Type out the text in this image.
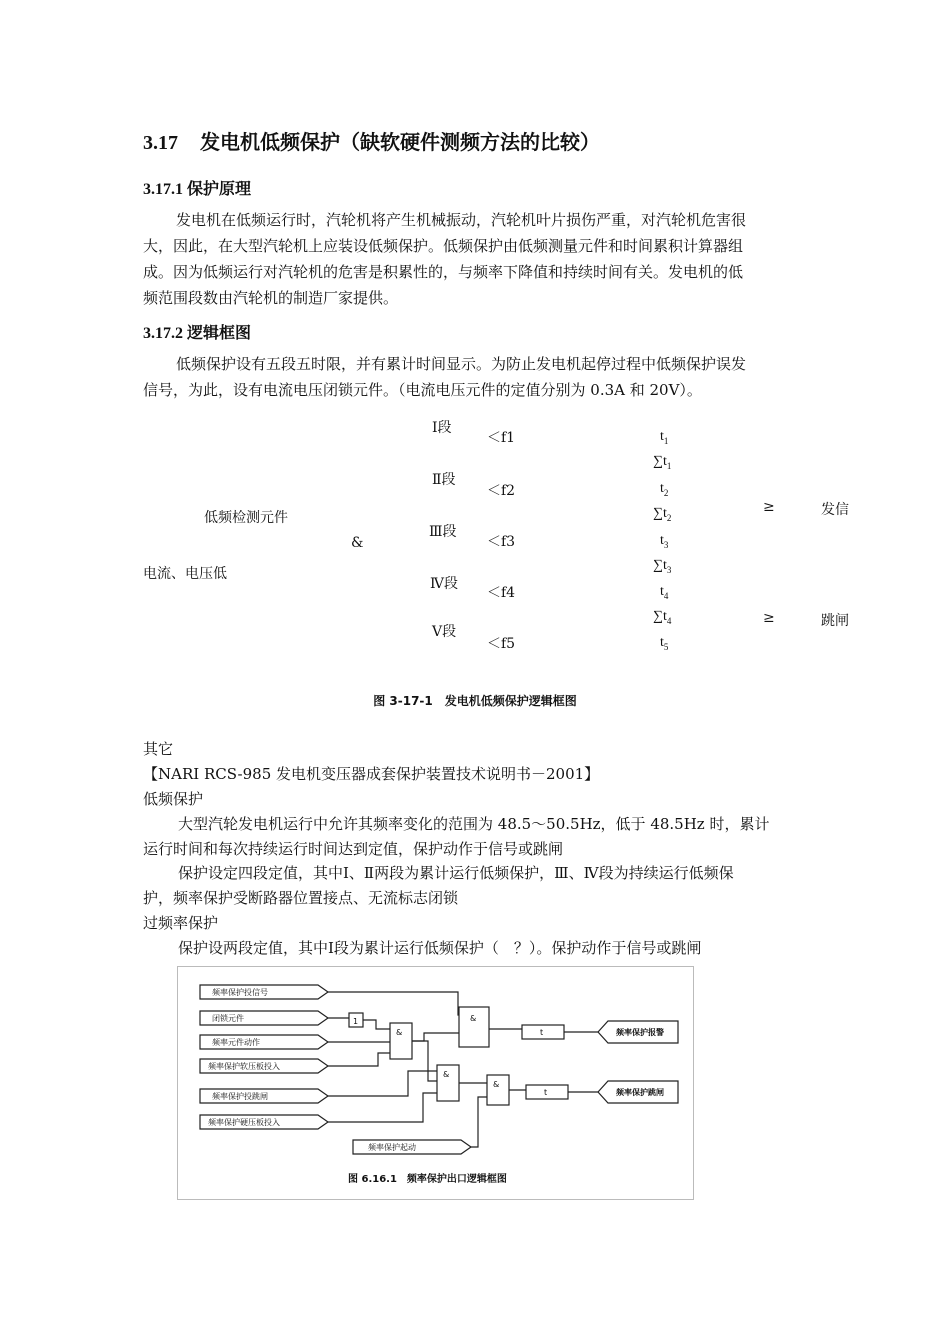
3.17 发电机低频保护（缺软硬件测频方法的比较）
3.17.1 保护原理
发电机在低频运行时，汽轮机将产生机械振动，汽轮机叶片损伤严重，对汽轮机危害很
大，因此，在大型汽轮机上应装设低频保护。低频保护由低频测量元件和时间累积计算器组
成。因为低频运行对汽轮机的危害是积累性的，与频率下降值和持续时间有关。发电机的低
频范围段数由汽轮机的制造厂家提供。
3.17.2 逻辑框图
低频保护设有五段五时限，并有累计时间显示。为防止发电机起停过程中低频保护误发
信号，为此，设有电流电压闭锁元件。（电流电压元件的定值分别为 0.3A 和 20V）。
低频检测元件
电流、电压低
&
Ⅰ段
Ⅱ段
Ⅲ段
Ⅳ段
Ⅴ段
＜f1
＜f2
＜f3
＜f4
＜f5
$t_1$
$\sum t_1$
$t_2$
$\sum t_2$
$t_3$
$\sum t_3$
$t_4$
$\sum t_4$
$t_5$
≥
≥
发信
跳闸
图 3-17-1　发电机低频保护逻辑框图
其它
【NARI RCS-985 发电机变压器成套保护装置技术说明书－2001】
低频保护
大型汽轮发电机运行中允许其频率变化的范围为 48.5～50.5Hz，低于 48.5Hz 时，累计
运行时间和每次持续运行时间达到定值，保护动作于信号或跳闸
保护设定四段定值，其中Ⅰ、Ⅱ两段为累计运行低频保护，Ⅲ、Ⅳ段为持续运行低频保
护，频率保护受断路器位置接点、无流标志闭锁
过频率保护
保护设两段定值，其中Ⅰ段为累计运行低频保护（　？）。保护动作于信号或跳闸
频率保护投信号
闭锁元件
频率元件动作
频率保护软压板投入
频率保护投跳闸
频率保护硬压板投入
频率保护起动
1
&
&
&
&
t
t
频率保护报警
频率保护跳闸
图 6.16.1　频率保护出口逻辑框图
